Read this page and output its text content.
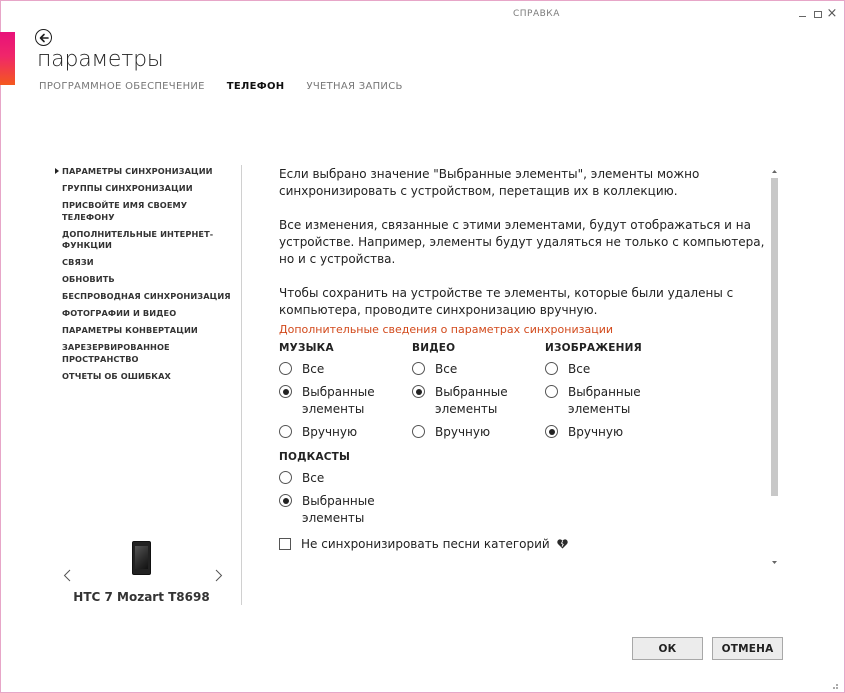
СПРАВКА	×
параметры
ПРОГРАММНОЕ ОБЕСПЕЧЕНИЕ ТЕЛЕФОН УЧЕТНАЯ ЗАПИСЬ
ПАРАМЕТРЫ СИНХРОНИЗАЦИИ
ГРУППЫ СИНХРОНИЗАЦИИ
ПРИСВОЙТЕ ИМЯ СВОЕМУ ТЕЛЕФОНУ
ДОПОЛНИТЕЛЬНЫЕ ИНТЕРНЕТ-ФУНКЦИИ
СВЯЗИ
ОБНОВИТЬ
БЕСПРОВОДНАЯ СИНХРОНИЗАЦИЯ
ФОТОГРАФИИ И ВИДЕО
ПАРАМЕТРЫ КОНВЕРТАЦИИ
ЗАРЕЗЕРВИРОВАННОЕ ПРОСТРАНСТВО
ОТЧЕТЫ ОБ ОШИБКАХ
HTC 7 Mozart T8698
Если выбрано значение "Выбранные элементы", элементы можно
синхронизировать с устройством, перетащив их в коллекцию.
Все изменения, связанные с этими элементами, будут отображаться и на
устройстве. Например, элементы будут удаляться не только с компьютера,
но и с устройства.
Чтобы сохранить на устройстве те элементы, которые были удалены с
компьютера, проводите синхронизацию вручную.
Дополнительные сведения о параметрах синхронизации
МУЗЫКА
Все
Выбранные
элементы
Вручную
ВИДЕО
Все
Выбранные
элементы
Вручную
ИЗОБРАЖЕНИЯ
Все
Выбранные
элементы
Вручную
ПОДКАСТЫ
Все
Выбранные
элементы
Не синхронизировать песни категорий
ОК	ОТМЕНА
